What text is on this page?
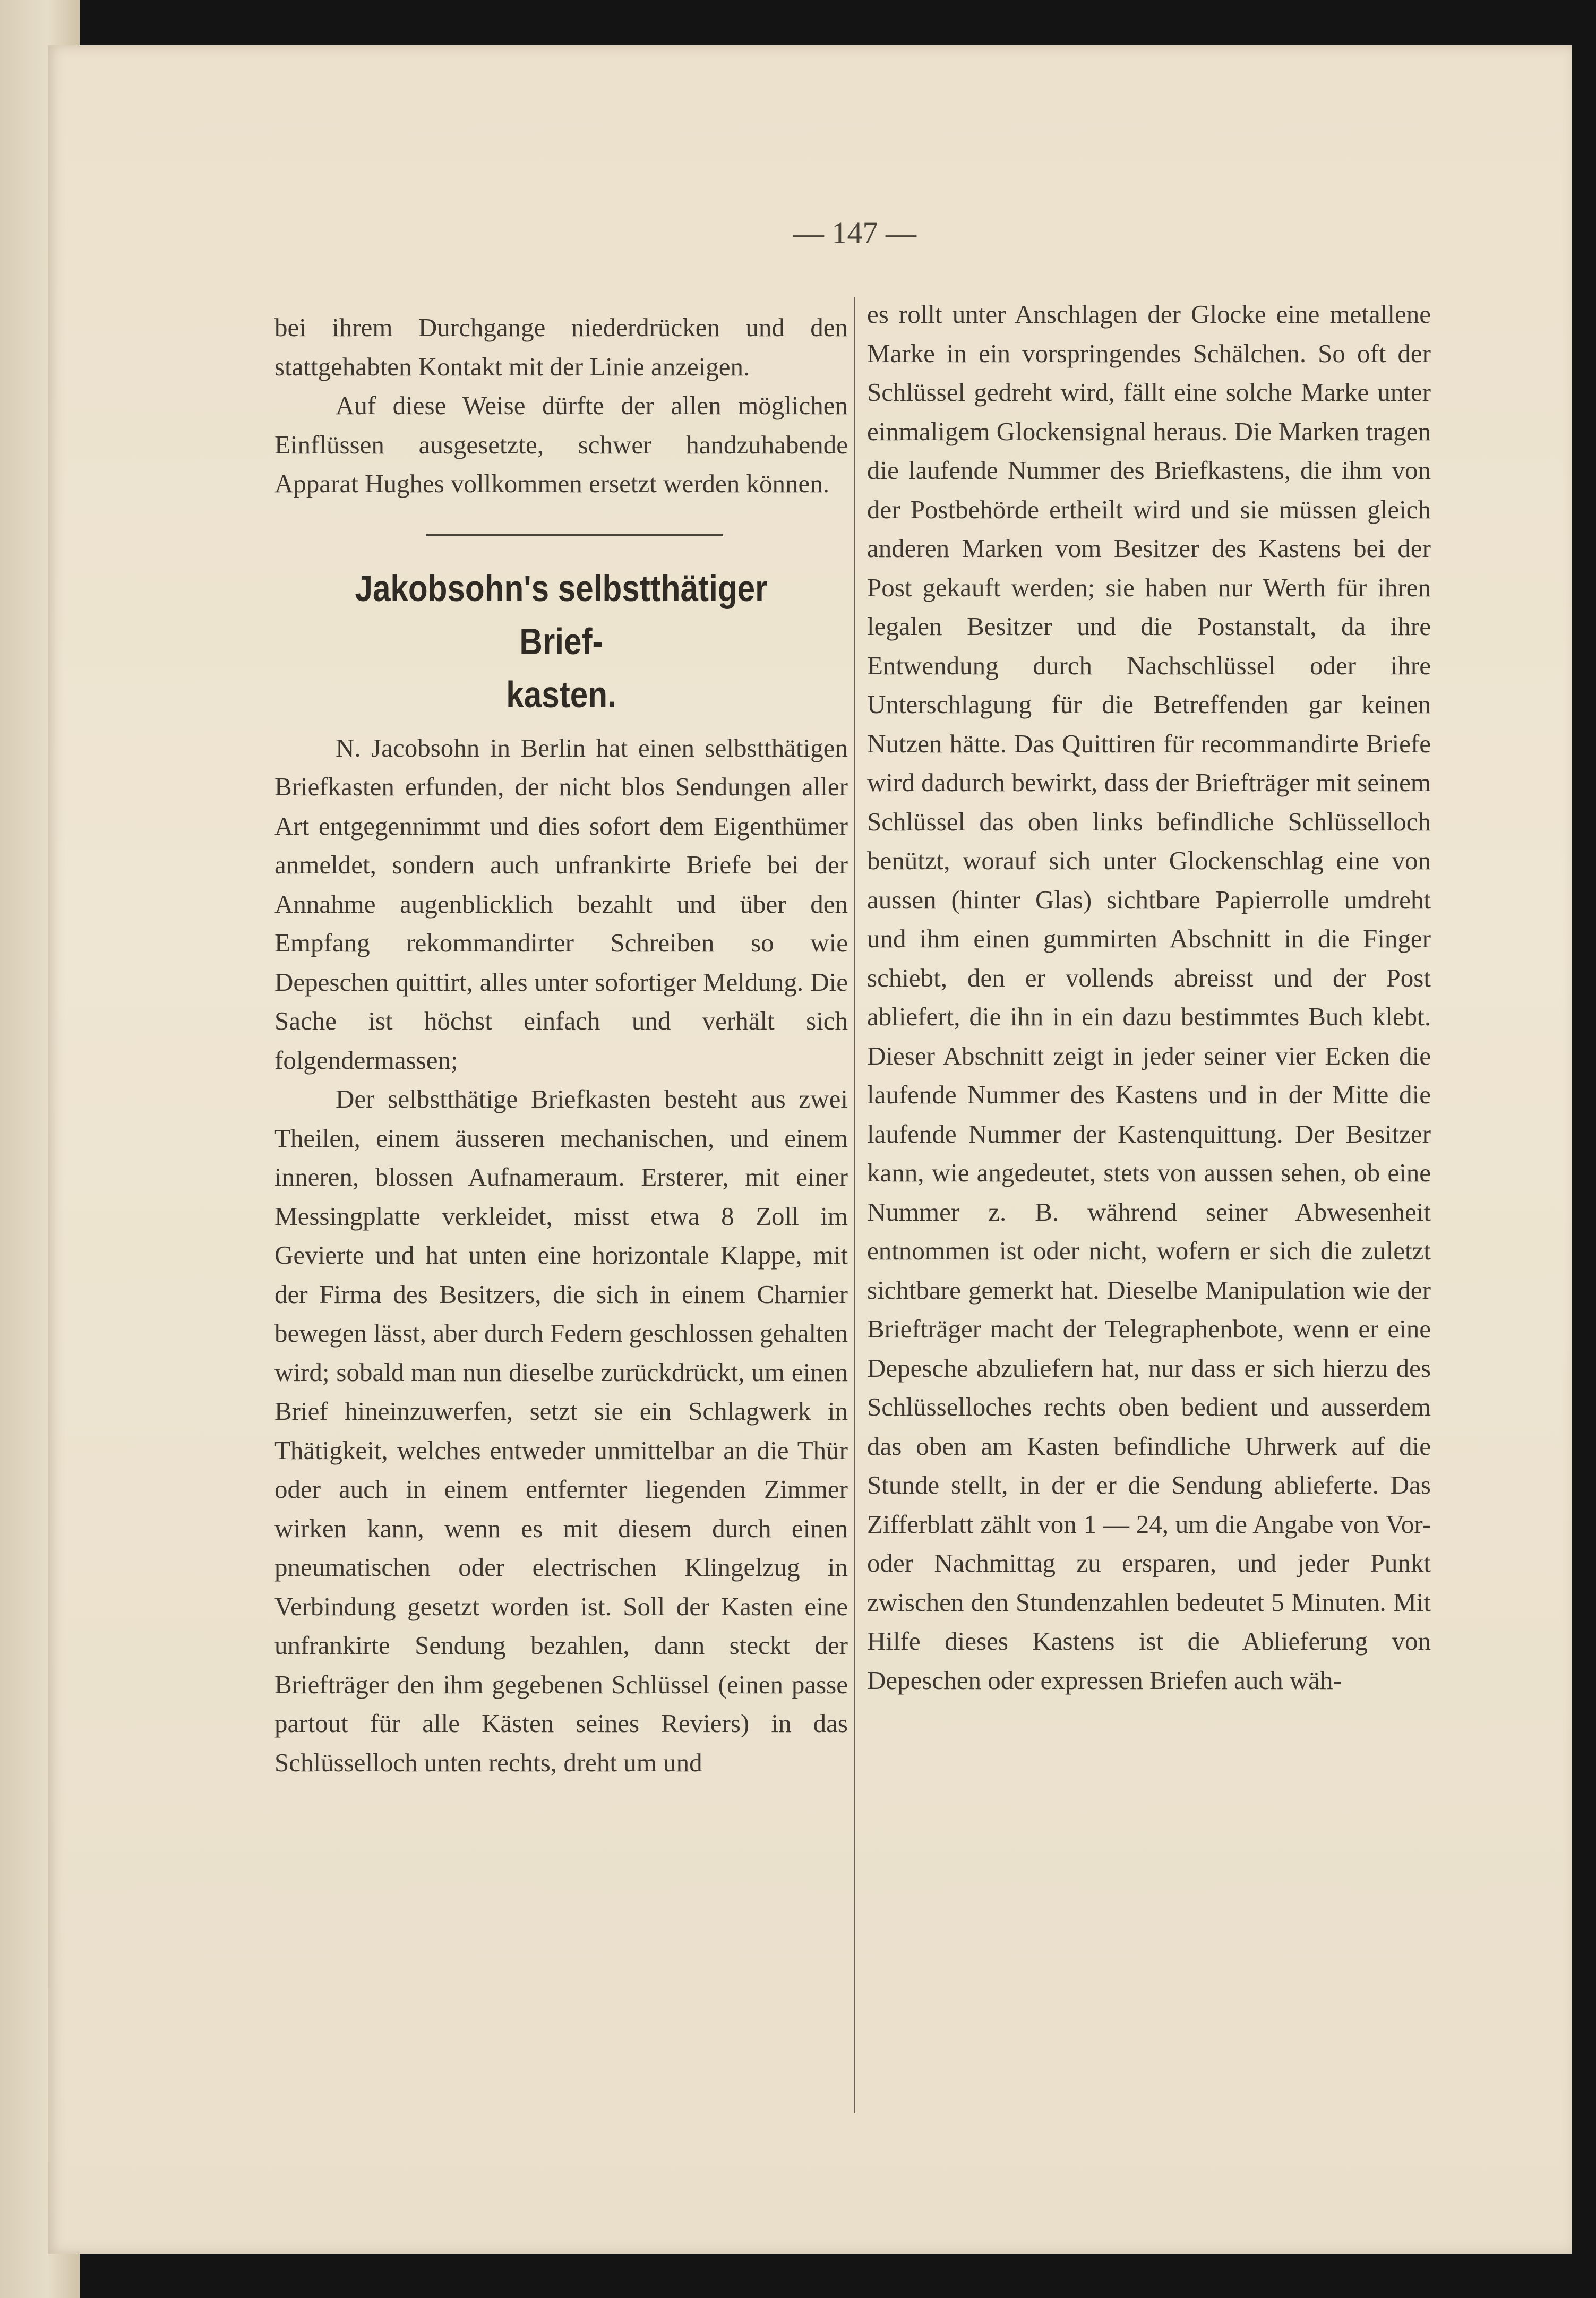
— 147 —

bei ihrem Durchgange niederdrücken und den stattgehabten Kontakt mit der Linie anzeigen.

Auf diese Weise dürfte der allen möglichen Einflüssen ausgesetzte, schwer handzuhabende Apparat Hughes vollkommen ersetzt werden können.

Jakobsohn's selbstthätiger Brief-
kasten.

N. Jacobsohn in Berlin hat einen selbstthätigen Briefkasten erfunden, der nicht blos Sendungen aller Art entgegennimmt und dies sofort dem Eigenthümer anmeldet, sondern auch unfrankirte Briefe bei der Annahme augenblicklich bezahlt und über den Empfang rekommandirter Schreiben so wie Depeschen quittirt, alles unter sofortiger Meldung. Die Sache ist höchst einfach und verhält sich folgendermassen;

Der selbstthätige Briefkasten besteht aus zwei Theilen, einem äusseren mechanischen, und einem inneren, blossen Aufnameraum. Ersterer, mit einer Messingplatte verkleidet, misst etwa 8 Zoll im Gevierte und hat unten eine horizontale Klappe, mit der Firma des Besitzers, die sich in einem Charnier bewegen lässt, aber durch Federn geschlossen gehalten wird; sobald man nun dieselbe zurückdrückt, um einen Brief hineinzuwerfen, setzt sie ein Schlagwerk in Thätigkeit, welches entweder unmittelbar an die Thür oder auch in einem entfernter liegenden Zimmer wirken kann, wenn es mit diesem durch einen pneumatischen oder electrischen Klingelzug in Verbindung gesetzt worden ist. Soll der Kasten eine unfrankirte Sendung bezahlen, dann steckt der Briefträger den ihm gegebenen Schlüssel (einen passe partout für alle Kästen seines Reviers) in das Schlüsselloch unten rechts, dreht um und

es rollt unter Anschlagen der Glocke eine metallene Marke in ein vorspringendes Schälchen. So oft der Schlüssel gedreht wird, fällt eine solche Marke unter einmaligem Glockensignal heraus. Die Marken tragen die laufende Nummer des Briefkastens, die ihm von der Postbehörde ertheilt wird und sie müssen gleich anderen Marken vom Besitzer des Kastens bei der Post gekauft werden; sie haben nur Werth für ihren legalen Besitzer und die Postanstalt, da ihre Entwendung durch Nachschlüssel oder ihre Unterschlagung für die Betreffenden gar keinen Nutzen hätte. Das Quittiren für recommandirte Briefe wird dadurch bewirkt, dass der Briefträger mit seinem Schlüssel das oben links befindliche Schlüsselloch benützt, worauf sich unter Glockenschlag eine von aussen (hinter Glas) sichtbare Papierrolle umdreht und ihm einen gummirten Abschnitt in die Finger schiebt, den er vollends abreisst und der Post abliefert, die ihn in ein dazu bestimmtes Buch klebt. Dieser Abschnitt zeigt in jeder seiner vier Ecken die laufende Nummer des Kastens und in der Mitte die laufende Nummer der Kastenquittung. Der Besitzer kann, wie angedeutet, stets von aussen sehen, ob eine Nummer z. B. während seiner Abwesenheit entnommen ist oder nicht, wofern er sich die zuletzt sichtbare gemerkt hat. Dieselbe Manipulation wie der Briefträger macht der Telegraphenbote, wenn er eine Depesche abzuliefern hat, nur dass er sich hierzu des Schlüsselloches rechts oben bedient und ausserdem das oben am Kasten befindliche Uhrwerk auf die Stunde stellt, in der er die Sendung ablieferte. Das Zifferblatt zählt von 1 — 24, um die Angabe von Vor- oder Nachmittag zu ersparen, und jeder Punkt zwischen den Stundenzahlen bedeutet 5 Minuten. Mit Hilfe dieses Kastens ist die Ablieferung von Depeschen oder expressen Briefen auch wäh-
